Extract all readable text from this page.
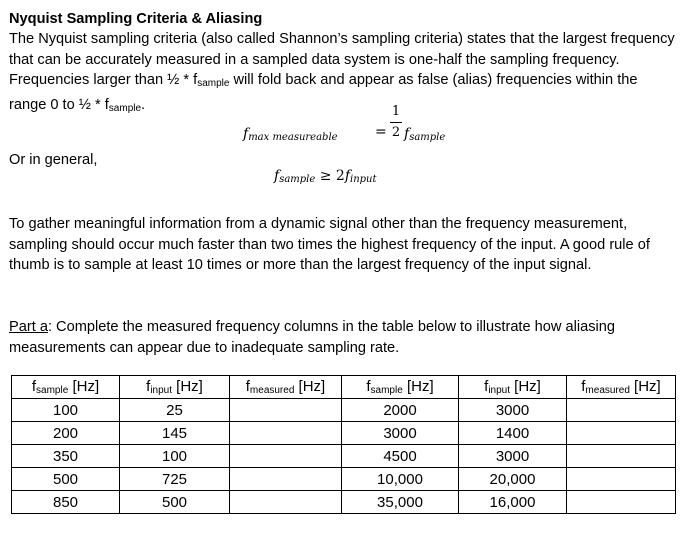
Nyquist Sampling Criteria & Aliasing
The Nyquist sampling criteria (also called Shannon’s sampling criteria) states that the largest frequency that can be accurately measured in a sampled data system is one-half the sampling frequency. Frequencies larger than ½ * $f_{sample}$ will fold back and appear as false (alias) frequencies within the range 0 to ½ * $f_{sample}$.
$f_{max measureable}$	=
1
2 $f_{sample}$
Or in general,
$f_{sample} \ge 2f_{input}$
To gather meaningful information from a dynamic signal other than the frequency measurement, sampling should occur much faster than two times the highest frequency of the input. A good rule of thumb is to sample at least 10 times or more than the largest frequency of the input signal.
Part a: Complete the measured frequency columns in the table below to illustrate how aliasing measurements can appear due to inadequate sampling rate.
$f_{sample}$ [Hz]	$f_{input}$ [Hz]	$f_{measured}$ [Hz]	$f_{sample}$ [Hz]	$f_{input}$ [Hz]	$f_{measured}$ [Hz]
100	25		2000	3000	
200	145		3000	1400	
350	100		4500	3000	
500	725		10,000	20,000	
850	500		35,000	16,000	
